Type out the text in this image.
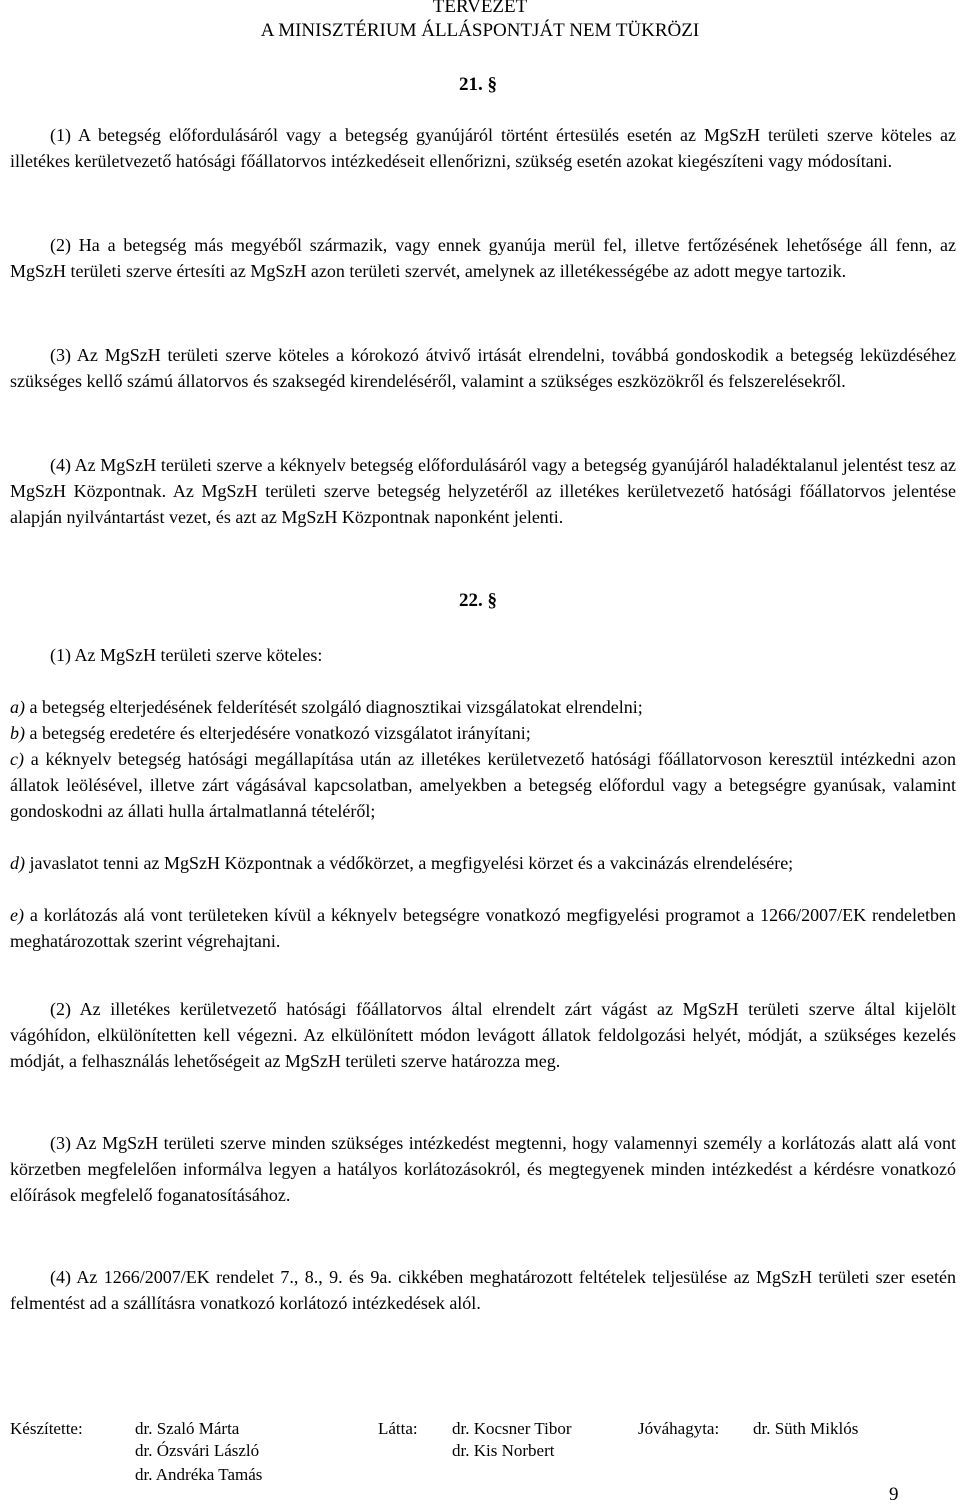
TERVEZET
A MINISZTÉRIUM ÁLLÁSPONTJÁT NEM TÜKRÖZI
21. §
(1) A betegség előfordulásáról vagy a betegség gyanújáról történt értesülés esetén az MgSzH területi szerve köteles az illetékes kerületvezető hatósági főállatorvos intézkedéseit ellenőrizni, szükség esetén azokat kiegészíteni vagy módosítani.
(2) Ha a betegség más megyéből származik, vagy ennek gyanúja merül fel, illetve fertőzésének lehetősége áll fenn, az MgSzH területi szerve értesíti az MgSzH azon területi szervét, amelynek az illetékességébe az adott megye tartozik.
(3) Az MgSzH területi szerve köteles a kórokozó átvivő irtását elrendelni, továbbá gondoskodik a betegség leküzdéséhez szükséges kellő számú állatorvos és szaksegéd kirendeléséről, valamint a szükséges eszközökről és felszerelésekről.
(4) Az MgSzH területi szerve a kéknyelv betegség előfordulásáról vagy a betegség gyanújáról haladéktalanul jelentést tesz az MgSzH Központnak. Az MgSzH területi szerve betegség helyzetéről az illetékes kerületvezető hatósági főállatorvos jelentése alapján nyilvántartást vezet, és azt az MgSzH Központnak naponként jelenti.
22. §
(1) Az MgSzH területi szerve köteles:
a) a betegség elterjedésének felderítését szolgáló diagnosztikai vizsgálatokat elrendelni;
b) a betegség eredetére és elterjedésére vonatkozó vizsgálatot irányítani;
c) a kéknyelv betegség hatósági megállapítása után az illetékes kerületvezető hatósági főállatorvoson keresztül intézkedni azon állatok leölésével, illetve zárt vágásával kapcsolatban, amelyekben a betegség előfordul vagy a betegségre gyanúsak, valamint gondoskodni az állati hulla ártalmatlanná tételéről;
d) javaslatot tenni az MgSzH Központnak a védőkörzet, a megfigyelési körzet és a vakcinázás elrendelésére;
e) a korlátozás alá vont területeken kívül a kéknyelv betegségre vonatkozó megfigyelési programot a 1266/2007/EK rendeletben meghatározottak szerint végrehajtani.
(2) Az illetékes kerületvezető hatósági főállatorvos által elrendelt zárt vágást az MgSzH területi szerve által kijelölt vágóhídon, elkülönítetten kell végezni. Az elkülönített módon levágott állatok feldolgozási helyét, módját, a szükséges kezelés módját, a felhasználás lehetőségeit az MgSzH területi szerve határozza meg.
(3) Az MgSzH területi szerve minden szükséges intézkedést megtenni, hogy valamennyi személy a korlátozás alatt alá vont körzetben megfelelően informálva legyen a hatályos korlátozásokról, és megtegyenek minden intézkedést a kérdésre vonatkozó előírások megfelelő foganatosításához.
(4) Az 1266/2007/EK rendelet 7., 8., 9. és 9a. cikkében meghatározott feltételek teljesülése az MgSzH területi szer esetén felmentést ad a szállításra vonatkozó korlátozó intézkedések alól.
Készítette:	dr. Szaló Márta
dr. Ózsvári László
dr. Andréka Tamás
Látta: dr. Kocsner Tibor
dr. Kis Norbert
Jóváhagyta: dr. Süth Miklós
9
